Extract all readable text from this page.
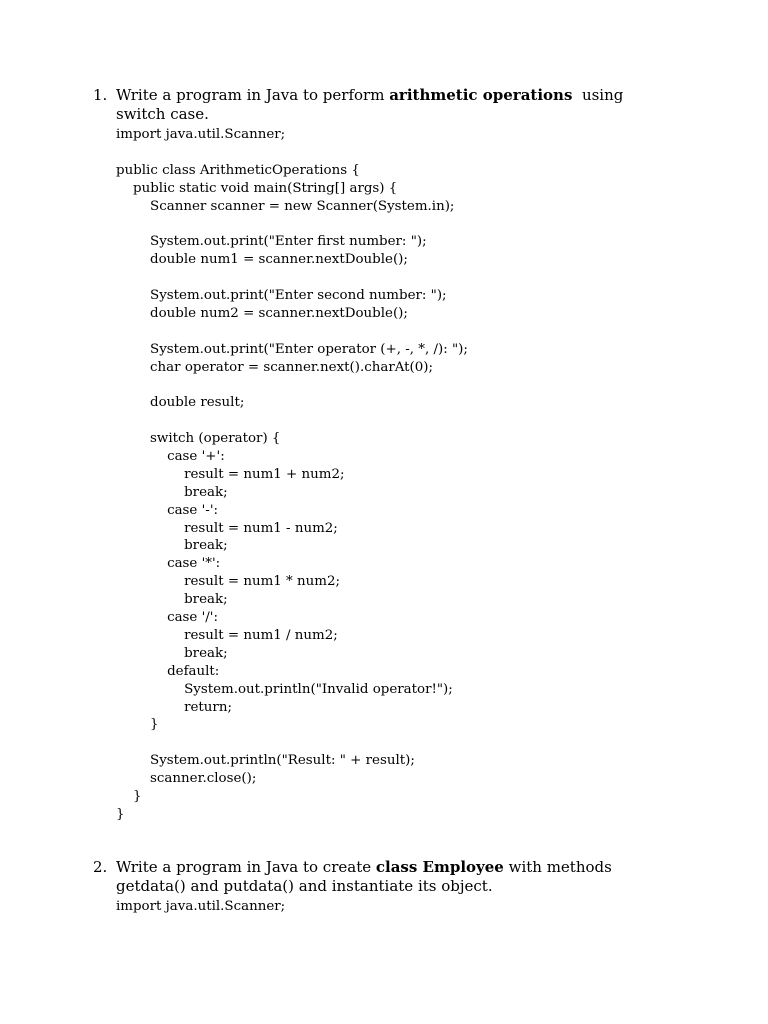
1. Write a program in Java to perform arithmetic operations  using
switch case.
import java.util.Scanner;
public class ArithmeticOperations {
public static void main(String[] args) {
Scanner scanner = new Scanner(System.in);
System.out.print("Enter first number: ");
double num1 = scanner.nextDouble();
System.out.print("Enter second number: ");
double num2 = scanner.nextDouble();
System.out.print("Enter operator (+, -, *, /): ");
char operator = scanner.next().charAt(0);
double result;
switch (operator) {
case '+':
result = num1 + num2;
break;
case '-':
result = num1 - num2;
break;
case '*':
result = num1 * num2;
break;
case '/':
result = num1 / num2;
break;
default:
System.out.println("Invalid operator!");
return;
}
System.out.println("Result: " + result);
scanner.close();
}
}
2. Write a program in Java to create class Employee with methods
getdata() and putdata() and instantiate its object.
import java.util.Scanner;
